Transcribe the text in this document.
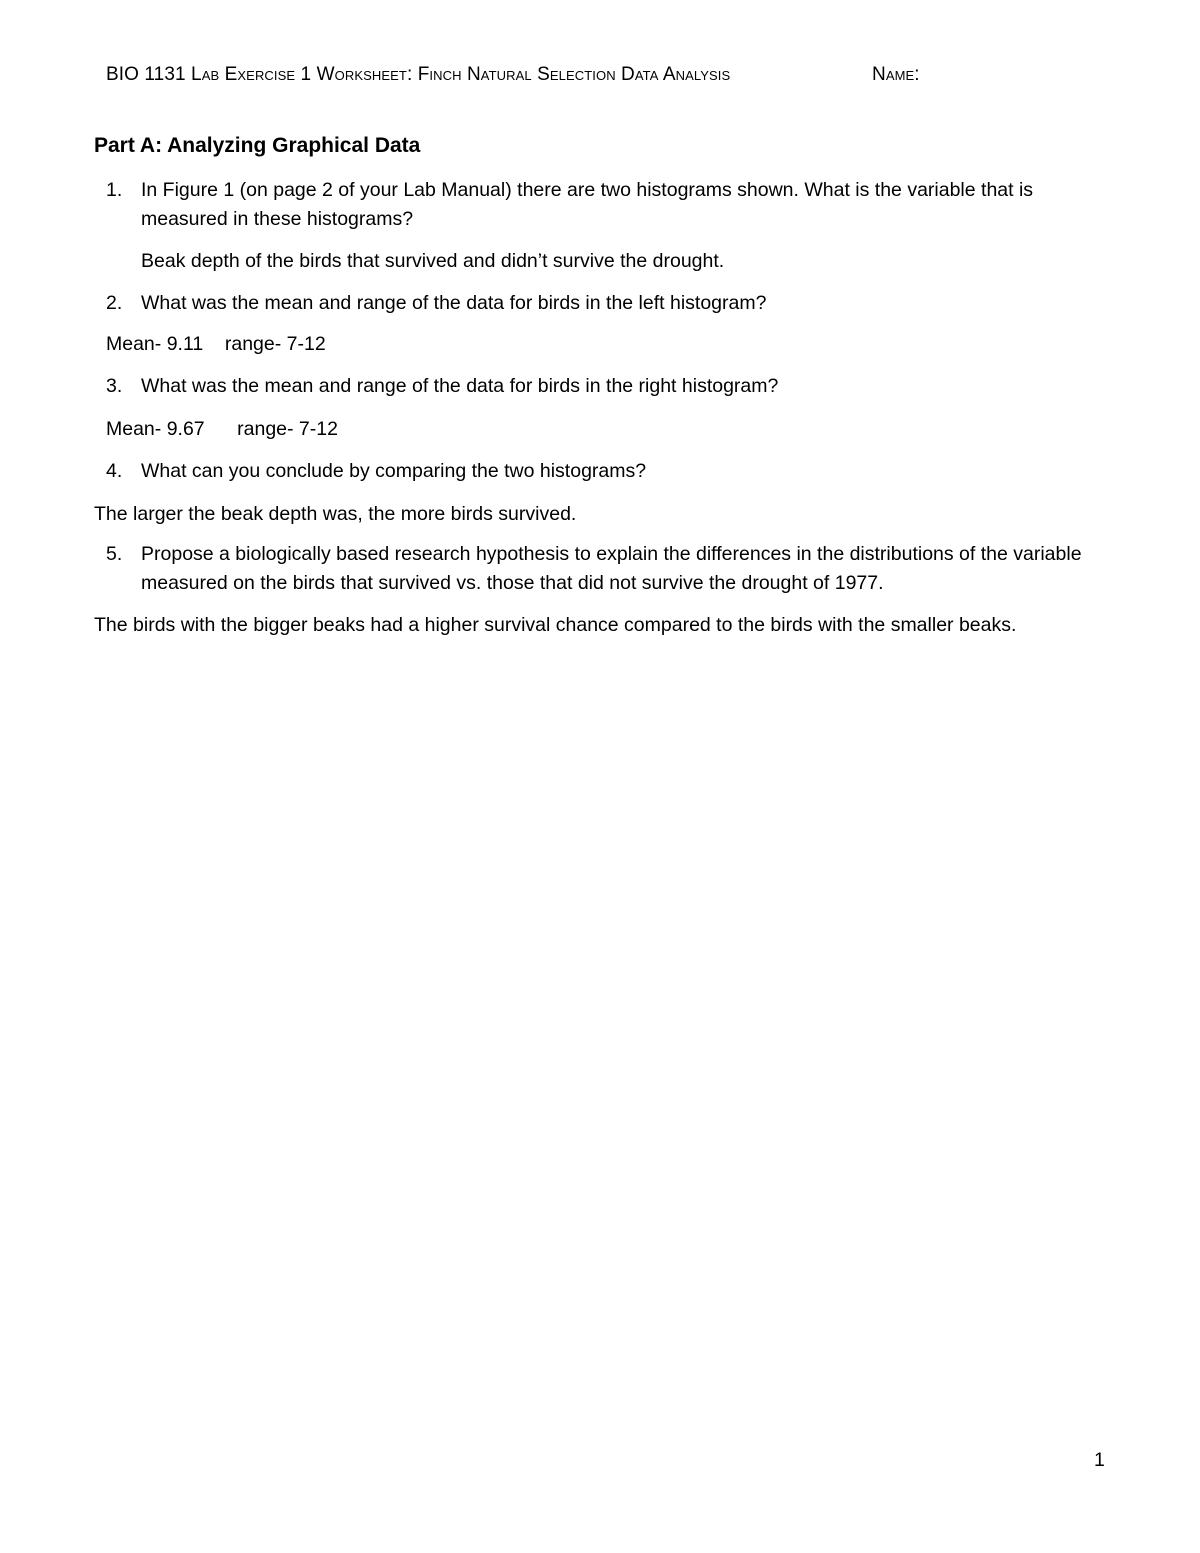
BIO 1131 Lab Exercise 1 Worksheet: Finch Natural Selection Data Analysis	Name:
Part A: Analyzing Graphical Data
1. In Figure 1 (on page 2 of your Lab Manual) there are two histograms shown. What is the variable that is measured in these histograms?
Beak depth of the birds that survived and didn’t survive the drought.
2. What was the mean and range of the data for birds in the left histogram?
Mean- 9.11    range- 7-12
3. What was the mean and range of the data for birds in the right histogram?
Mean- 9.67      range- 7-12
4. What can you conclude by comparing the two histograms?
The larger the beak depth was, the more birds survived.
5. Propose a biologically based research hypothesis to explain the differences in the distributions of the variable measured on the birds that survived vs. those that did not survive the drought of 1977.
The birds with the bigger beaks had a higher survival chance compared to the birds with the smaller beaks.
1
